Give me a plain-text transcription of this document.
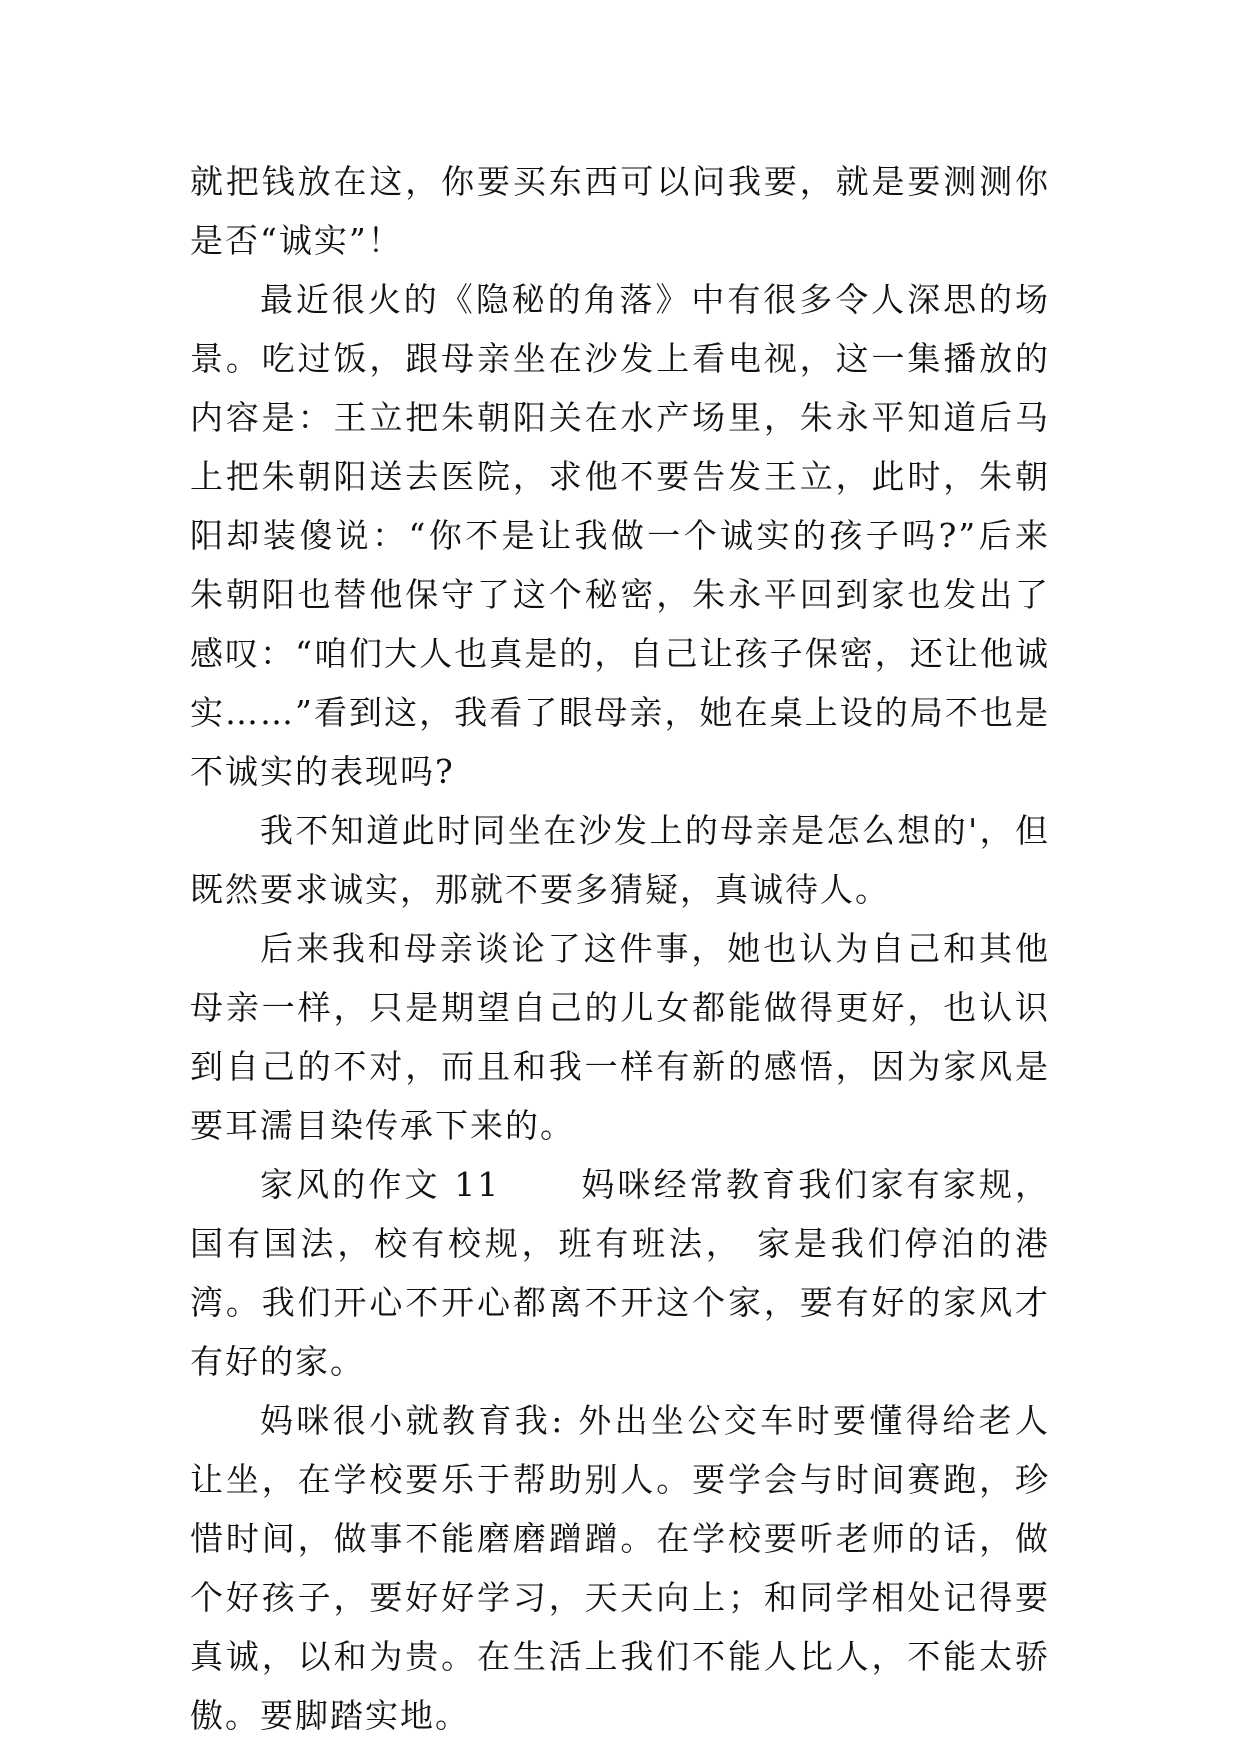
就把钱放在这，你要买东西可以问我要，就是要测测你是否“诚实”！

最近很火的《隐秘的角落》中有很多令人深思的场景。吃过饭，跟母亲坐在沙发上看电视，这一集播放的内容是：王立把朱朝阳关在水产场里，朱永平知道后马上把朱朝阳送去医院，求他不要告发王立，此时，朱朝阳却装傻说：“你不是让我做一个诚实的孩子吗?”后来朱朝阳也替他保守了这个秘密，朱永平回到家也发出了感叹：“咱们大人也真是的，自己让孩子保密，还让他诚实……”看到这，我看了眼母亲，她在桌上设的局不也是不诚实的表现吗?

我不知道此时同坐在沙发上的母亲是怎么想的'，但既然要求诚实，那就不要多猜疑，真诚待人。

后来我和母亲谈论了这件事，她也认为自己和其他母亲一样，只是期望自己的儿女都能做得更好，也认识到自己的不对，而且和我一样有新的感悟，因为家风是要耳濡目染传承下来的。

家风的作文 11 妈咪经常教育我们家有家规，国有国法，校有校规，班有班法， 家是我们停泊的港湾。我们开心不开心都离不开这个家，要有好的家风才有好的家。

妈咪很小就教育我: 外出坐公交车时要懂得给老人让坐，在学校要乐于帮助别人。要学会与时间赛跑，珍惜时间，做事不能磨磨蹭蹭。在学校要听老师的话，做个好孩子，要好好学习，天天向上；和同学相处记得要真诚，以和为贵。在生活上我们不能人比人，不能太骄傲。要脚踏实地。
